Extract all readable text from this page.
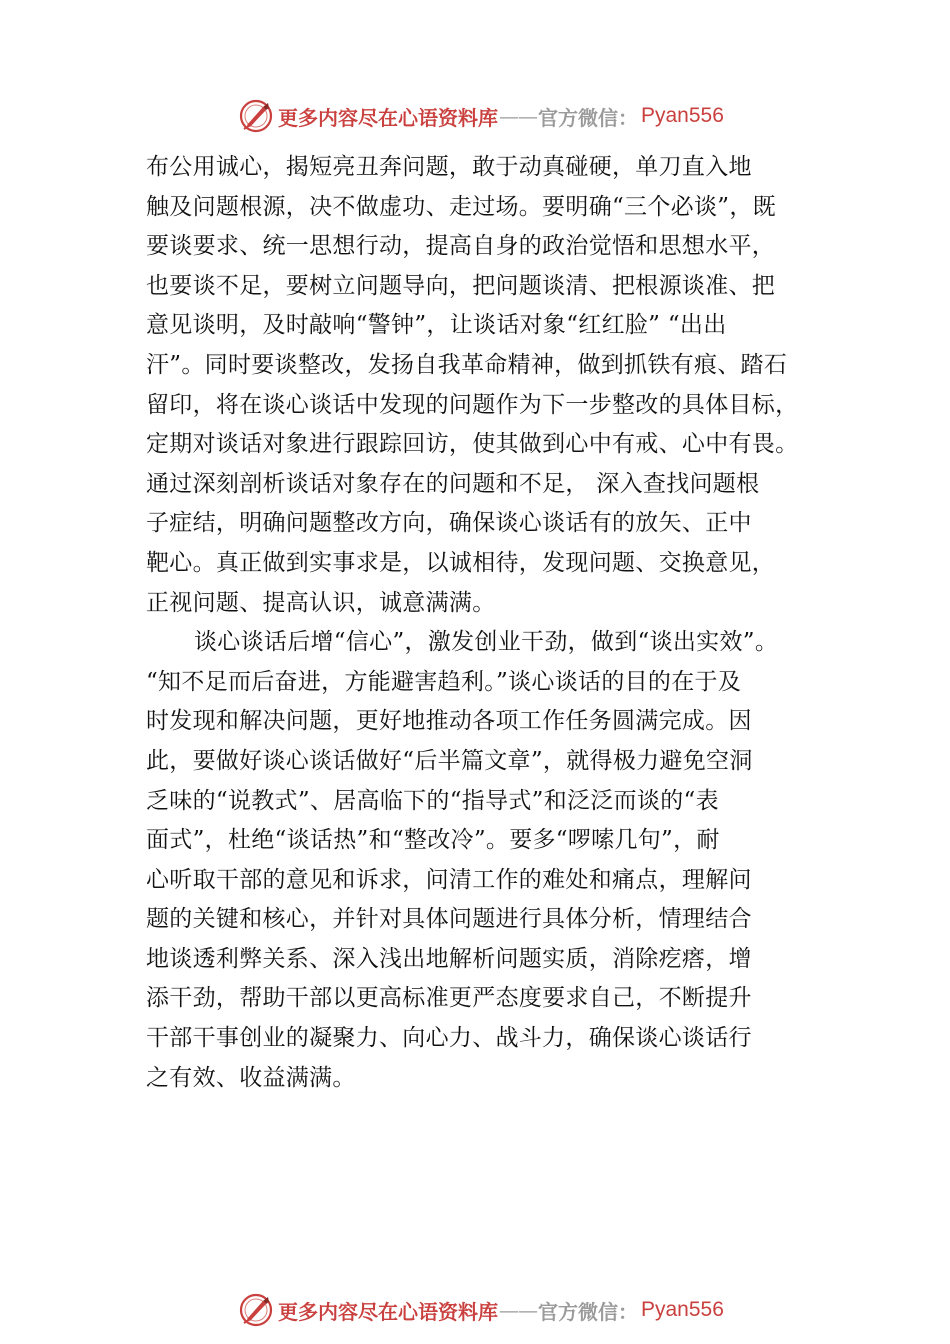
更多内容尽在心语资料库 —— 官方微信： Pyan556
布公用诚心，揭短亮丑奔问题，敢于动真碰硬，单刀直入地
触及问题根源，决不做虚功、走过场。要明确“三个必谈”，既
要谈要求、统一思想行动，提高自身的政治觉悟和思想水平，
也要谈不足，要树立问题导向，把问题谈清、把根源谈准、把
意见谈明，及时敲响“警钟”，让谈话对象“红红脸” “出出
汗”。同时要谈整改，发扬自我革命精神，做到抓铁有痕、踏石
留印，将在谈心谈话中发现的问题作为下一步整改的具体目标，
定期对谈话对象进行跟踪回访，使其做到心中有戒、心中有畏。
通过深刻剖析谈话对象存在的问题和不足， 深入查找问题根
子症结，明确问题整改方向，确保谈心谈话有的放矢、正中
靶心。真正做到实事求是，以诚相待，发现问题、交换意见，
正视问题、提高认识，诚意满满。
谈心谈话后增“信心”，激发创业干劲，做到“谈出实效”。
“知不足而后奋进，方能避害趋利。”谈心谈话的目的在于及
时发现和解决问题，更好地推动各项工作任务圆满完成。因
此，要做好谈心谈话做好“后半篇文章”，就得极力避免空洞
乏味的“说教式”、居高临下的“指导式”和泛泛而谈的“表
面式”，杜绝“谈话热”和“整改冷”。要多“啰嗦几句”，耐
心听取干部的意见和诉求，问清工作的难处和痛点，理解问
题的关键和核心，并针对具体问题进行具体分析，情理结合
地谈透利弊关系、深入浅出地解析问题实质，消除疙瘩，增
添干劲，帮助干部以更高标准更严态度要求自己，不断提升
干部干事创业的凝聚力、向心力、战斗力，确保谈心谈话行
之有效、收益满满。
更多内容尽在心语资料库 —— 官方微信： Pyan556
